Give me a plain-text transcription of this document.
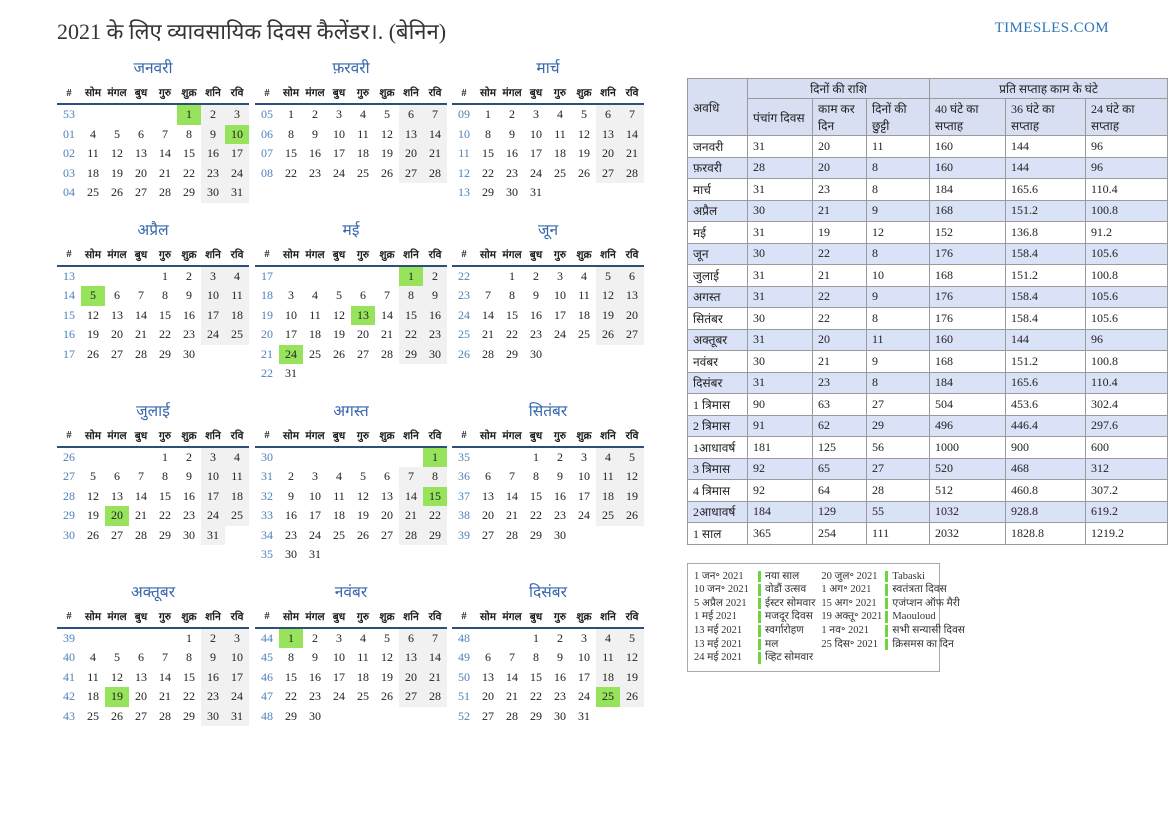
2021 के लिए व्यावसायिक दिवस कैलेंडर।. (बेनिन)	TIMESLES.COM
जनवरी
#	सोम	मंगल	बुध	गुरु	शुक्र	शनि	रवि
53					1	2	3
01	4	5	6	7	8	9	10
02	11	12	13	14	15	16	17
03	18	19	20	21	22	23	24
04	25	26	27	28	29	30	31
फ़रवरी
#	सोम	मंगल	बुध	गुरु	शुक्र	शनि	रवि
05	1	2	3	4	5	6	7
06	8	9	10	11	12	13	14
07	15	16	17	18	19	20	21
08	22	23	24	25	26	27	28
मार्च
#	सोम	मंगल	बुध	गुरु	शुक्र	शनि	रवि
09	1	2	3	4	5	6	7
10	8	9	10	11	12	13	14
11	15	16	17	18	19	20	21
12	22	23	24	25	26	27	28
13	29	30	31				
अप्रैल
#	सोम	मंगल	बुध	गुरु	शुक्र	शनि	रवि
13				1	2	3	4
14	5	6	7	8	9	10	11
15	12	13	14	15	16	17	18
16	19	20	21	22	23	24	25
17	26	27	28	29	30		
मई
#	सोम	मंगल	बुध	गुरु	शुक्र	शनि	रवि
17						1	2
18	3	4	5	6	7	8	9
19	10	11	12	13	14	15	16
20	17	18	19	20	21	22	23
21	24	25	26	27	28	29	30
22	31						
जून
#	सोम	मंगल	बुध	गुरु	शुक्र	शनि	रवि
22		1	2	3	4	5	6
23	7	8	9	10	11	12	13
24	14	15	16	17	18	19	20
25	21	22	23	24	25	26	27
26	28	29	30				
जुलाई
#	सोम	मंगल	बुध	गुरु	शुक्र	शनि	रवि
26				1	2	3	4
27	5	6	7	8	9	10	11
28	12	13	14	15	16	17	18
29	19	20	21	22	23	24	25
30	26	27	28	29	30	31	
अगस्त
#	सोम	मंगल	बुध	गुरु	शुक्र	शनि	रवि
30							1
31	2	3	4	5	6	7	8
32	9	10	11	12	13	14	15
33	16	17	18	19	20	21	22
34	23	24	25	26	27	28	29
35	30	31					
सितंबर
#	सोम	मंगल	बुध	गुरु	शुक्र	शनि	रवि
35			1	2	3	4	5
36	6	7	8	9	10	11	12
37	13	14	15	16	17	18	19
38	20	21	22	23	24	25	26
39	27	28	29	30			
अक्तूबर
#	सोम	मंगल	बुध	गुरु	शुक्र	शनि	रवि
39					1	2	3
40	4	5	6	7	8	9	10
41	11	12	13	14	15	16	17
42	18	19	20	21	22	23	24
43	25	26	27	28	29	30	31
नवंबर
#	सोम	मंगल	बुध	गुरु	शुक्र	शनि	रवि
44	1	2	3	4	5	6	7
45	8	9	10	11	12	13	14
46	15	16	17	18	19	20	21
47	22	23	24	25	26	27	28
48	29	30					
दिसंबर
#	सोम	मंगल	बुध	गुरु	शुक्र	शनि	रवि
48			1	2	3	4	5
49	6	7	8	9	10	11	12
50	13	14	15	16	17	18	19
51	20	21	22	23	24	25	26
52	27	28	29	30	31		
अवधि	दिनों की राशि			प्रति सप्ताह काम के घंटे		
	पंचांग दिवस	काम कर दिन	दिनों की छुट्टी	40 घंटे का सप्ताह	36 घंटे का सप्ताह	24 घंटे का सप्ताह
जनवरी	31	20	11	160	144	96
फ़रवरी	28	20	8	160	144	96
मार्च	31	23	8	184	165.6	110.4
अप्रैल	30	21	9	168	151.2	100.8
मई	31	19	12	152	136.8	91.2
जून	30	22	8	176	158.4	105.6
जुलाई	31	21	10	168	151.2	100.8
अगस्त	31	22	9	176	158.4	105.6
सितंबर	30	22	8	176	158.4	105.6
अक्तूबर	31	20	11	160	144	96
नवंबर	30	21	9	168	151.2	100.8
दिसंबर	31	23	8	184	165.6	110.4
1 त्रिमास	90	63	27	504	453.6	302.4
2 त्रिमास	91	62	29	496	446.4	297.6
1आधावर्ष	181	125	56	1000	900	600
3 त्रिमास	92	65	27	520	468	312
4 त्रिमास	92	64	28	512	460.8	307.2
2आधावर्ष	184	129	55	1032	928.8	619.2
1 साल	365	254	111	2032	1828.8	1219.2
1 जन॰ 2021	नया साल
10 जन॰ 2021	वोडौं उत्सव
5 अप्रैल 2021	ईस्टर सोमवार
1 मई 2021	मजदूर दिवस
13 मई 2021	स्वर्गारोहण
13 मई 2021	मल
24 मई 2021	व्हिट सोमवार
20 जुल॰ 2021	Tabaski
1 अग॰ 2021	स्वतंत्रता दिवस
15 अग॰ 2021	एजंप्शन ऑफ मैरी
19 अक्तू॰ 2021 Maouloud
1 नव॰ 2021	सभी सन्यासी दिवस
25 दिस॰ 2021	क्रिसमस का दिन
